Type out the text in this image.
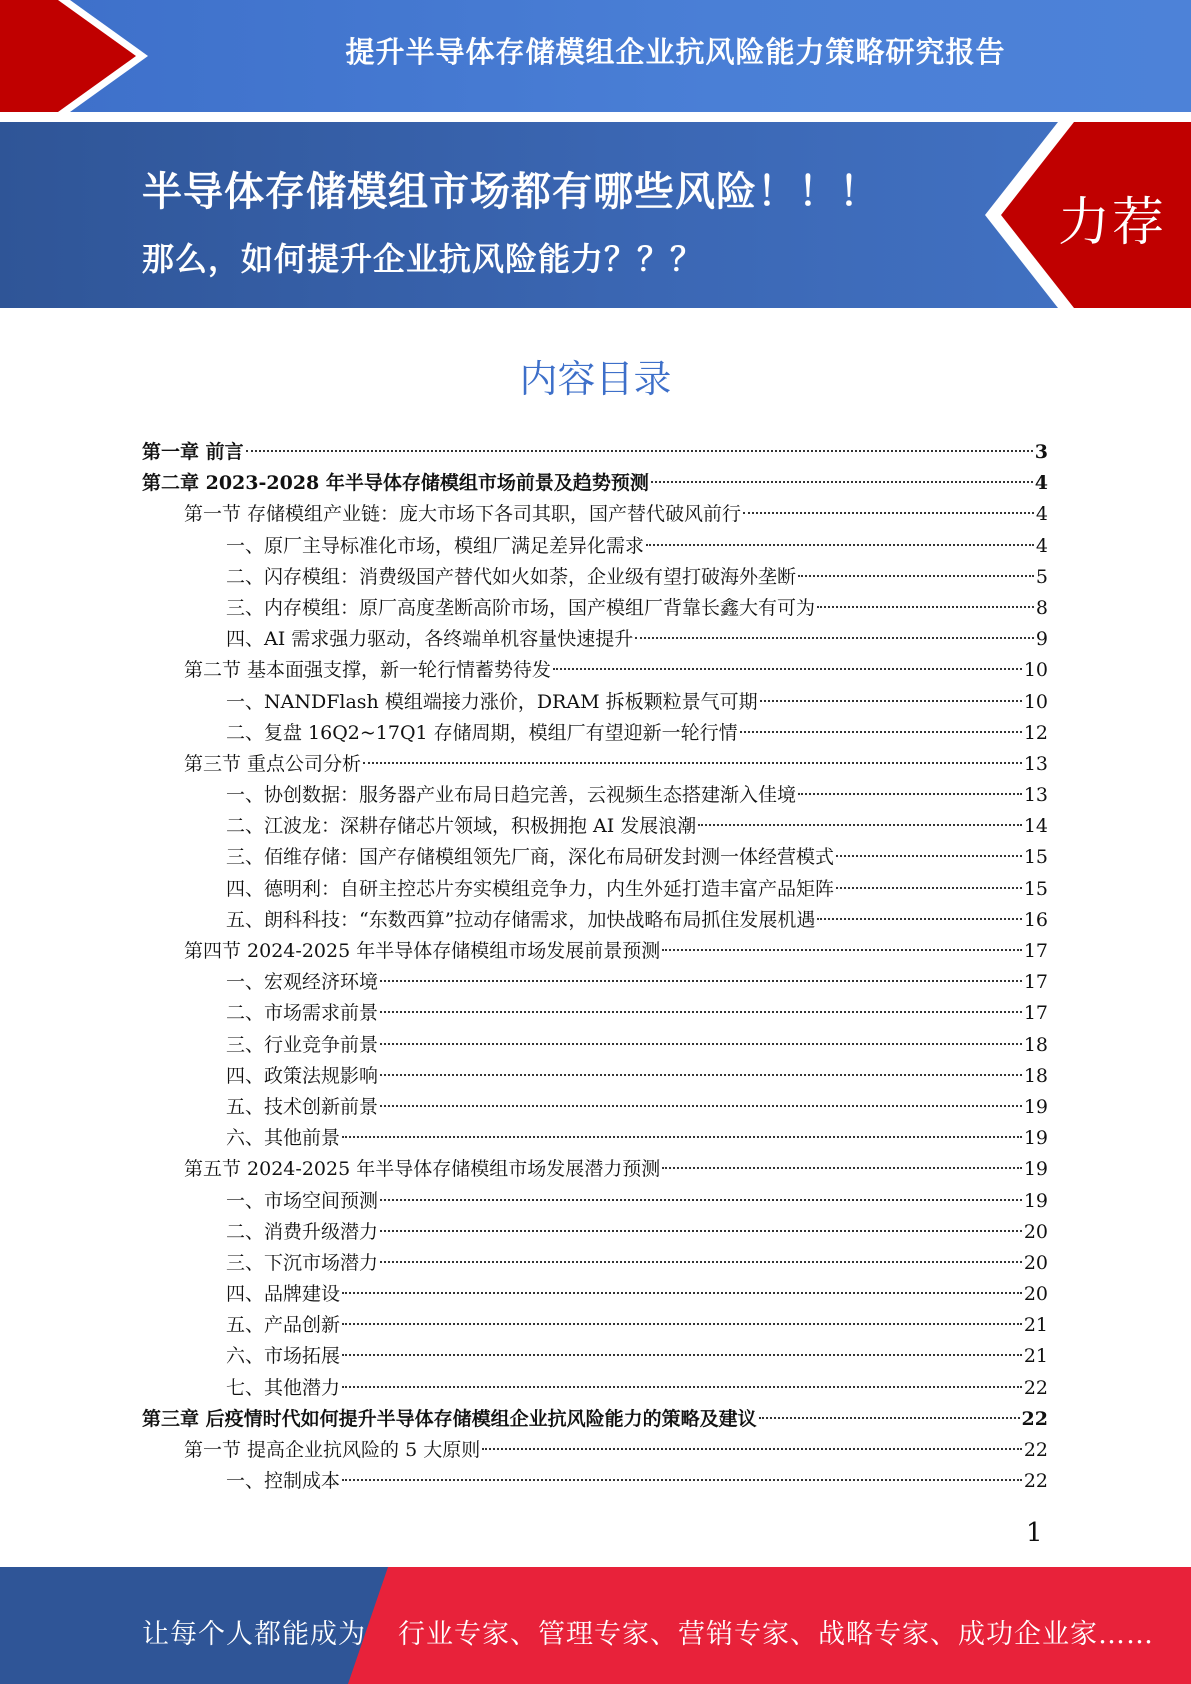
提升半导体存储模组企业抗风险能力策略研究报告
半导体存储模组市场都有哪些风险！！！
那么，如何提升企业抗风险能力？？？
力荐
内容目录
第一章 前言	3
第二章 2023-2028 年半导体存储模组市场前景及趋势预测	4
第一节 存储模组产业链：庞大市场下各司其职，国产替代破风前行	4
一、原厂主导标准化市场，模组厂满足差异化需求	4
二、闪存模组：消费级国产替代如火如荼，企业级有望打破海外垄断	5
三、内存模组：原厂高度垄断高阶市场，国产模组厂背靠长鑫大有可为	8
四、AI 需求强力驱动，各终端单机容量快速提升	9
第二节 基本面强支撑，新一轮行情蓄势待发	10
一、NANDFlash 模组端接力涨价，DRAM 拆板颗粒景气可期	10
二、复盘 16Q2~17Q1 存储周期，模组厂有望迎新一轮行情	12
第三节 重点公司分析	13
一、协创数据：服务器产业布局日趋完善，云视频生态搭建渐入佳境	13
二、江波龙：深耕存储芯片领域，积极拥抱 AI 发展浪潮	14
三、佰维存储：国产存储模组领先厂商，深化布局研发封测一体经营模式	15
四、德明利：自研主控芯片夯实模组竞争力，内生外延打造丰富产品矩阵	15
五、朗科科技：“东数西算”拉动存储需求，加快战略布局抓住发展机遇	16
第四节 2024-2025 年半导体存储模组市场发展前景预测	17
一、宏观经济环境	17
二、市场需求前景	17
三、行业竞争前景	18
四、政策法规影响	18
五、技术创新前景	19
六、其他前景	19
第五节 2024-2025 年半导体存储模组市场发展潜力预测	19
一、市场空间预测	19
二、消费升级潜力	20
三、下沉市场潜力	20
四、品牌建设	20
五、产品创新	21
六、市场拓展	21
七、其他潜力	22
第三章 后疫情时代如何提升半导体存储模组企业抗风险能力的策略及建议	22
第一节 提高企业抗风险的 5 大原则	22
一、控制成本	22
1
让每个人都能成为 行业专家、管理专家、营销专家、战略专家、成功企业家……
